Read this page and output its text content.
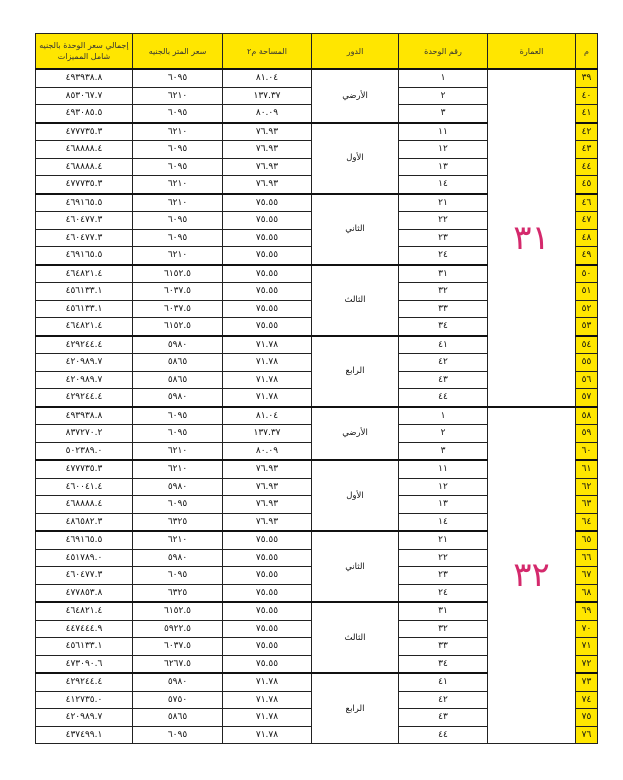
إجمالي سعر الوحدة بالجنيه شامل المميزات	سعر المتر بالجنيه	المساحة م٢	الدور	رقم الوحدة	العمارة	م
٤٩٣٩٣٨.٨	٦٠٩٥	٨١.٠٤	الأرضي	١	٣١	٣٩
٨٥٣٠٦٧.٧	٦٢١٠	١٣٧.٣٧		٢		٤٠
٤٩٣٠٨٥.٥	٦٠٩٥	٨٠.٠٩		٣		٤١
٤٧٧٧٣٥.٣	٦٢١٠	٧٦.٩٣	الأول	١١		٤٢
٤٦٨٨٨٨.٤	٦٠٩٥	٧٦.٩٣		١٢		٤٣
٤٦٨٨٨٨.٤	٦٠٩٥	٧٦.٩٣		١٣		٤٤
٤٧٧٧٣٥.٣	٦٢١٠	٧٦.٩٣		١٤		٤٥
٤٦٩١٦٥.٥	٦٢١٠	٧٥.٥٥	الثاني	٢١		٤٦
٤٦٠٤٧٧.٣	٦٠٩٥	٧٥.٥٥		٢٢		٤٧
٤٦٠٤٧٧.٣	٦٠٩٥	٧٥.٥٥		٢٣		٤٨
٤٦٩١٦٥.٥	٦٢١٠	٧٥.٥٥		٢٤		٤٩
٤٦٤٨٢١.٤	٦١٥٢.٥	٧٥.٥٥	الثالث	٣١		٥٠
٤٥٦١٣٣.١	٦٠٣٧.٥	٧٥.٥٥		٣٢		٥١
٤٥٦١٣٣.١	٦٠٣٧.٥	٧٥.٥٥		٣٣		٥٢
٤٦٤٨٢١.٤	٦١٥٢.٥	٧٥.٥٥		٣٤		٥٣
٤٢٩٢٤٤.٤	٥٩٨٠	٧١.٧٨	الرابع	٤١		٥٤
٤٢٠٩٨٩.٧	٥٨٦٥	٧١.٧٨		٤٢		٥٥
٤٢٠٩٨٩.٧	٥٨٦٥	٧١.٧٨		٤٣		٥٦
٤٢٩٢٤٤.٤	٥٩٨٠	٧١.٧٨		٤٤		٥٧
٤٩٣٩٣٨.٨	٦٠٩٥	٨١.٠٤	الأرضي	١	٣٢	٥٨
٨٣٧٢٧٠.٢	٦٠٩٥	١٣٧.٣٧		٢		٥٩
٥٠٢٣٨٩.٠	٦٢١٠	٨٠.٠٩		٣		٦٠
٤٧٧٧٣٥.٣	٦٢١٠	٧٦.٩٣	الأول	١١		٦١
٤٦٠٠٤١.٤	٥٩٨٠	٧٦.٩٣		١٢		٦٢
٤٦٨٨٨٨.٤	٦٠٩٥	٧٦.٩٣		١٣		٦٣
٤٨٦٥٨٢.٣	٦٣٢٥	٧٦.٩٣		١٤		٦٤
٤٦٩١٦٥.٥	٦٢١٠	٧٥.٥٥	الثاني	٢١		٦٥
٤٥١٧٨٩.٠	٥٩٨٠	٧٥.٥٥		٢٢		٦٦
٤٦٠٤٧٧.٣	٦٠٩٥	٧٥.٥٥		٢٣		٦٧
٤٧٧٨٥٣.٨	٦٣٢٥	٧٥.٥٥		٢٤		٦٨
٤٦٤٨٢١.٤	٦١٥٢.٥	٧٥.٥٥	الثالث	٣١		٦٩
٤٤٧٤٤٤.٩	٥٩٢٢.٥	٧٥.٥٥		٣٢		٧٠
٤٥٦١٣٣.١	٦٠٣٧.٥	٧٥.٥٥		٣٣		٧١
٤٧٣٠٩٠.٦	٦٢٦٧.٥	٧٥.٥٥		٣٤		٧٢
٤٢٩٢٤٤.٤	٥٩٨٠	٧١.٧٨	الرابع	٤١		٧٣
٤١٢٧٣٥.٠	٥٧٥٠	٧١.٧٨		٤٢		٧٤
٤٢٠٩٨٩.٧	٥٨٦٥	٧١.٧٨		٤٣		٧٥
٤٣٧٤٩٩.١	٦٠٩٥	٧١.٧٨		٤٤		٧٦
